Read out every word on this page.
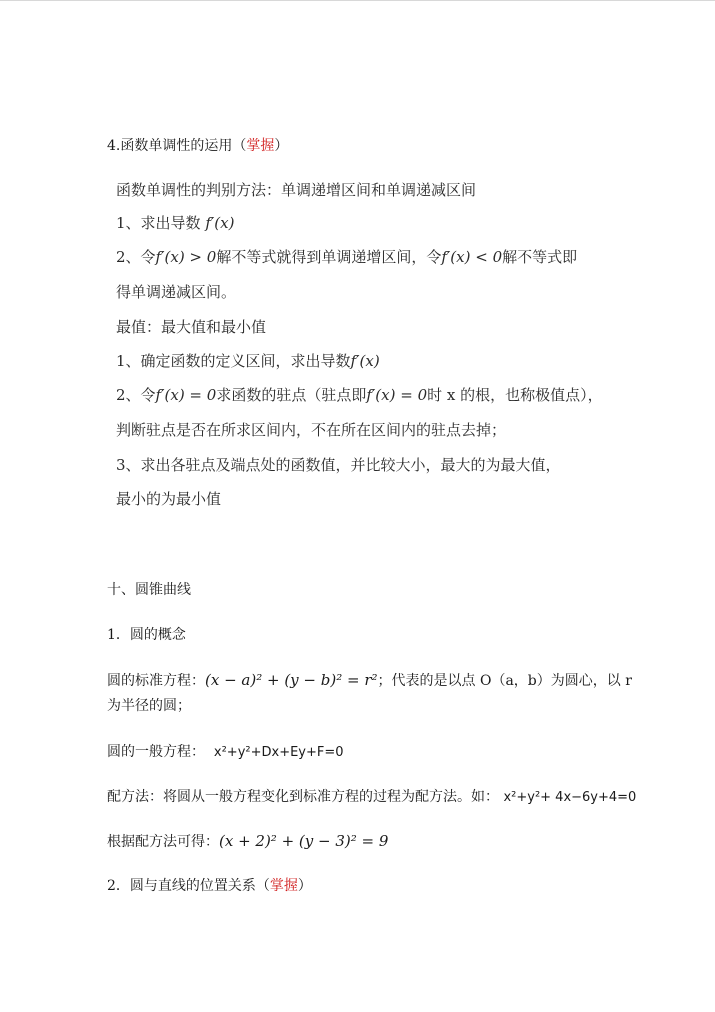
4.函数单调性的运用（掌握）
函数单调性的判别方法：单调递增区间和单调递减区间
1、求出导数 f′(x)
2、令f′(x) > 0解不等式就得到单调递增区间，令f′(x) < 0解不等式即
得单调递减区间。
最值：最大值和最小值
1、确定函数的定义区间，求出导数f′(x)
2、令f′(x) = 0求函数的驻点（驻点即f′(x) = 0时 x 的根，也称极值点），
判断驻点是否在所求区间内，不在所在区间内的驻点去掉；
3、求出各驻点及端点处的函数值，并比较大小，最大的为最大值，
最小的为最小值
十、圆锥曲线
1．圆的概念
圆的标准方程：(x − a)² + (y − b)² = r²；代表的是以点 O（a，b）为圆心，以 r
为半径的圆；
圆的一般方程： x²+y²+Dx+Ey+F=0
配方法：将圆从一般方程变化到标准方程的过程为配方法。如： x²+y²+ 4x−6y+4=0
根据配方法可得：(x + 2)² + (y − 3)² = 9
2．圆与直线的位置关系（掌握）
